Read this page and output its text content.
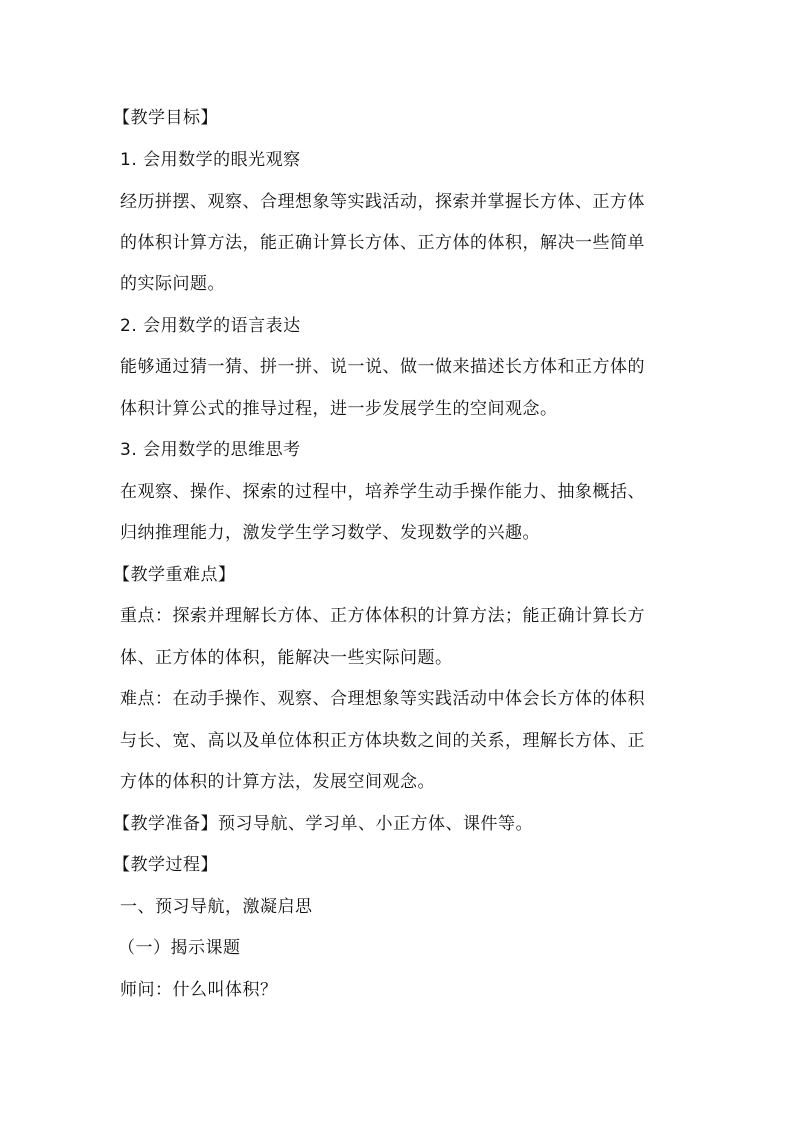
【教学目标】
1. 会用数学的眼光观察
经历拼摆、观察、合理想象等实践活动，探索并掌握长方体、正方体
的体积计算方法，能正确计算长方体、正方体的体积，解决一些简单
的实际问题。
2. 会用数学的语言表达
能够通过猜一猜、拼一拼、说一说、做一做来描述长方体和正方体的
体积计算公式的推导过程，进一步发展学生的空间观念。
3. 会用数学的思维思考
在观察、操作、探索的过程中，培养学生动手操作能力、抽象概括、
归纳推理能力，激发学生学习数学、发现数学的兴趣。
【教学重难点】
重点：探索并理解长方体、正方体体积的计算方法；能正确计算长方
体、正方体的体积，能解决一些实际问题。
难点：在动手操作、观察、合理想象等实践活动中体会长方体的体积
与长、宽、高以及单位体积正方体块数之间的关系，理解长方体、正
方体的体积的计算方法，发展空间观念。
【教学准备】预习导航、学习单、小正方体、课件等。
【教学过程】
一、预习导航，激凝启思
（一）揭示课题
师问：什么叫体积？
